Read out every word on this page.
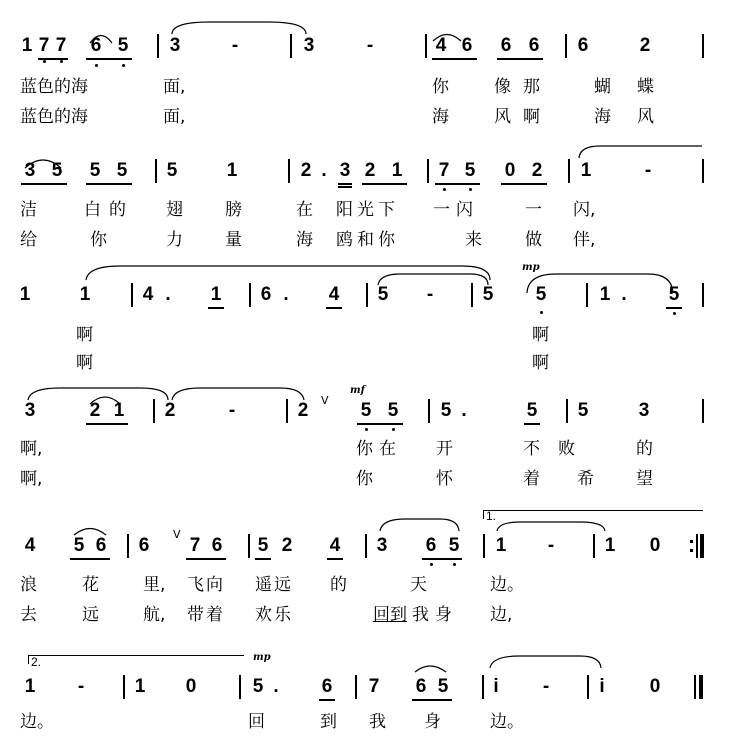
1 7 7 6 5 3	-	3	-	4 6 6 6 6	2
蓝色的海	面,	你	像那 蝴 蝶
蓝色的海	面,	海	风啊 海 风
3 5 5 5 5	1	2 . 3 2 1 7 5 0 2 1	-
洁	白的 翅 膀	在 阳光下 一闪	一 闪,
给	你	力 量	海 鸥和你	来	做 伴,
1	1	4 .	1 6 .	4 5	-	5 5	1 .	5
mp
啊	啊
啊	啊
3	2 1 2	-	2	V
mf
5 5 5 .	5 5	3
啊,	你在 开	不败	的
啊,	你	怀	着 希 望
4 5 6 6
V
7 6 5 2 4 3 6 5 1	-	1 0
1.
浪	花	里, 飞向 遥远 的	天	边。
去	远	航, 带着 欢乐	回到 我身 边,
2.
1	-	1 0
mp
5 .	6 7 6 5	i	-	i	0
边。	回	到 我 身	边。
